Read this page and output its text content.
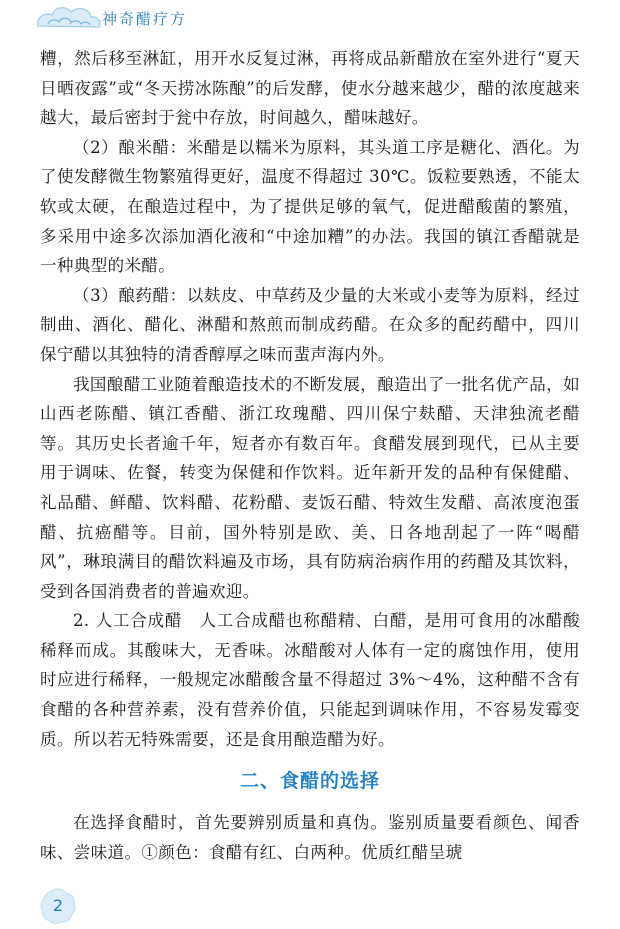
神奇醋疗方

糟，然后移至淋缸，用开水反复过淋，再将成品新醋放在室外进行“夏天日晒夜露”或“冬天捞冰陈酿”的后发酵，使水分越来越少，醋的浓度越来越大，最后密封于瓮中存放，时间越久，醋味越好。

（2）酿米醋：米醋是以糯米为原料，其头道工序是糖化、酒化。为了使发酵微生物繁殖得更好，温度不得超过 30℃。饭粒要熟透，不能太软或太硬，在酿造过程中，为了提供足够的氧气，促进醋酸菌的繁殖，多采用中途多次添加酒化液和“中途加糟”的办法。我国的镇江香醋就是一种典型的米醋。

（3）酿药醋：以麸皮、中草药及少量的大米或小麦等为原料，经过制曲、酒化、醋化、淋醋和熬煎而制成药醋。在众多的配药醋中，四川保宁醋以其独特的清香醇厚之味而蜚声海内外。

我国酿醋工业随着酿造技术的不断发展，酿造出了一批名优产品，如山西老陈醋、镇江香醋、浙江玫瑰醋、四川保宁麸醋、天津独流老醋等。其历史长者逾千年，短者亦有数百年。食醋发展到现代，已从主要用于调味、佐餐，转变为保健和作饮料。近年新开发的品种有保健醋、礼品醋、鲜醋、饮料醋、花粉醋、麦饭石醋、特效生发醋、高浓度泡蛋醋、抗癌醋等。目前，国外特别是欧、美、日各地刮起了一阵“喝醋风”，琳琅满目的醋饮料遍及市场，具有防病治病作用的药醋及其饮料，受到各国消费者的普遍欢迎。

2. 人工合成醋　人工合成醋也称醋精、白醋，是用可食用的冰醋酸稀释而成。其酸味大，无香味。冰醋酸对人体有一定的腐蚀作用，使用时应进行稀释，一般规定冰醋酸含量不得超过 3%～4%，这种醋不含有食醋的各种营养素，没有营养价值，只能起到调味作用，不容易发霉变质。所以若无特殊需要，还是食用酿造醋为好。

二、食醋的选择

在选择食醋时，首先要辨别质量和真伪。鉴别质量要看颜色、闻香味、尝味道。①颜色：食醋有红、白两种。优质红醋呈琥

2
